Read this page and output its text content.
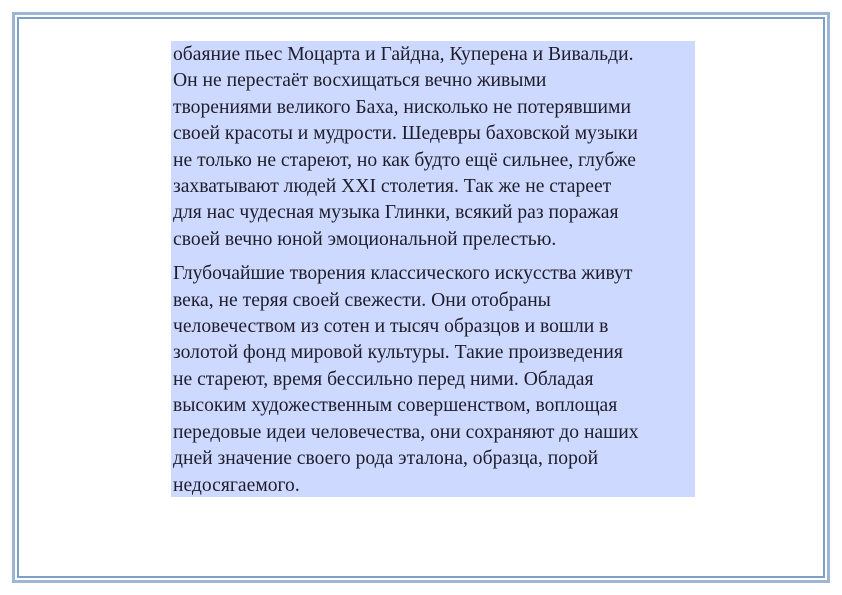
обаяние пьес Моцарта и Гайдна, Куперена и Вивальди.
Он не перестаёт восхищаться вечно живыми
творениями великого Баха, нисколько не потерявшими
своей красоты и мудрости. Шедевры баховской музыки
не только не стареют, но как будто ещё сильнее, глубже
захватывают людей XXI столетия. Так же не стареет
для нас чудесная музыка Глинки, всякий раз поражая
своей вечно юной эмоциональной прелестью.

Глубочайшие творения классического искусства живут
века, не теряя своей свежести. Они отобраны
человечеством из сотен и тысяч образцов и вошли в
золотой фонд мировой культуры. Такие произведения
не стареют, время бессильно перед ними. Обладая
высоким художественным совершенством, воплощая
передовые идеи человечества, они сохраняют до наших
дней значение своего рода эталона, образца, порой
недосягаемого.
